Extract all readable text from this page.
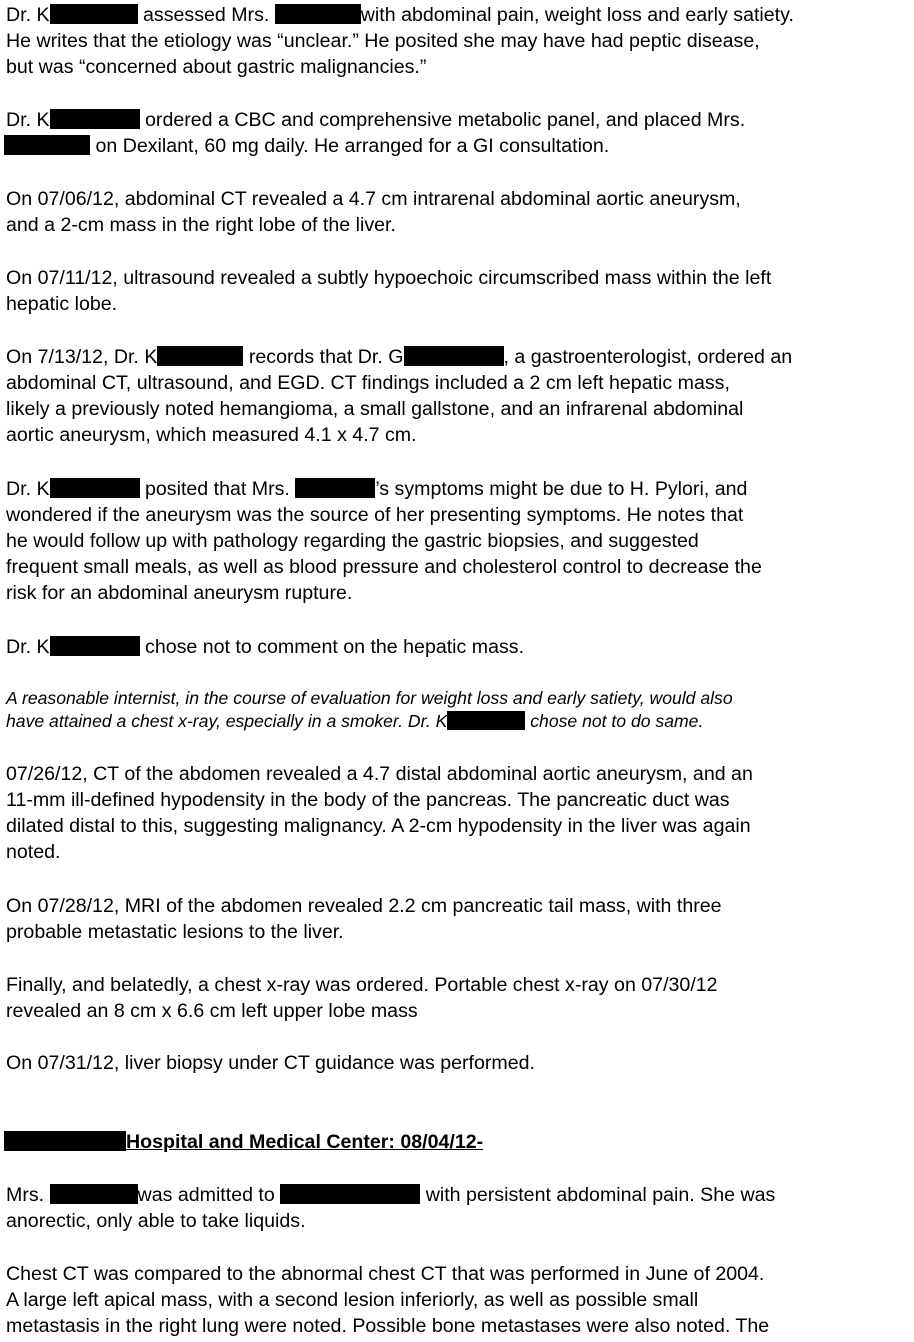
Dr. K	assessed Mrs.	with abdominal pain, weight loss and early satiety.
He writes that the etiology was “unclear.” He posited she may have had peptic disease,
but was “concerned about gastric malignancies.”
Dr. K	ordered a CBC and comprehensive metabolic panel, and placed Mrs.
on Dexilant, 60 mg daily. He arranged for a GI consultation.
On 07/06/12, abdominal CT revealed a 4.7 cm intrarenal abdominal aortic aneurysm,
and a 2-cm mass in the right lobe of the liver.
On 07/11/12, ultrasound revealed a subtly hypoechoic circumscribed mass within the left
hepatic lobe.
On 7/13/12, Dr. K	records that Dr. G	, a gastroenterologist, ordered an
abdominal CT, ultrasound, and EGD. CT findings included a 2 cm left hepatic mass,
likely a previously noted hemangioma, a small gallstone, and an infrarenal abdominal
aortic aneurysm, which measured 4.1 x 4.7 cm.
Dr. K	posited that Mrs.	’s symptoms might be due to H. Pylori, and
wondered if the aneurysm was the source of her presenting symptoms. He notes that
he would follow up with pathology regarding the gastric biopsies, and suggested
frequent small meals, as well as blood pressure and cholesterol control to decrease the
risk for an abdominal aneurysm rupture.
Dr. K	chose not to comment on the hepatic mass.
A reasonable internist, in the course of evaluation for weight loss and early satiety, would also
have attained a chest x-ray, especially in a smoker. Dr. K	chose not to do same.
07/26/12, CT of the abdomen revealed a 4.7 distal abdominal aortic aneurysm, and an
11-mm ill-defined hypodensity in the body of the pancreas. The pancreatic duct was
dilated distal to this, suggesting malignancy. A 2-cm hypodensity in the liver was again
noted.
On 07/28/12, MRI of the abdomen revealed 2.2 cm pancreatic tail mass, with three
probable metastatic lesions to the liver.
Finally, and belatedly, a chest x-ray was ordered. Portable chest x-ray on 07/30/12
revealed an 8 cm x 6.6 cm left upper lobe mass
On 07/31/12, liver biopsy under CT guidance was performed.
Hospital and Medical Center: 08/04/12-
Mrs.	was admitted to	with persistent abdominal pain. She was
anorectic, only able to take liquids.
Chest CT was compared to the abnormal chest CT that was performed in June of 2004.
A large left apical mass, with a second lesion inferiorly, as well as possible small
metastasis in the right lung were noted. Possible bone metastases were also noted. The
